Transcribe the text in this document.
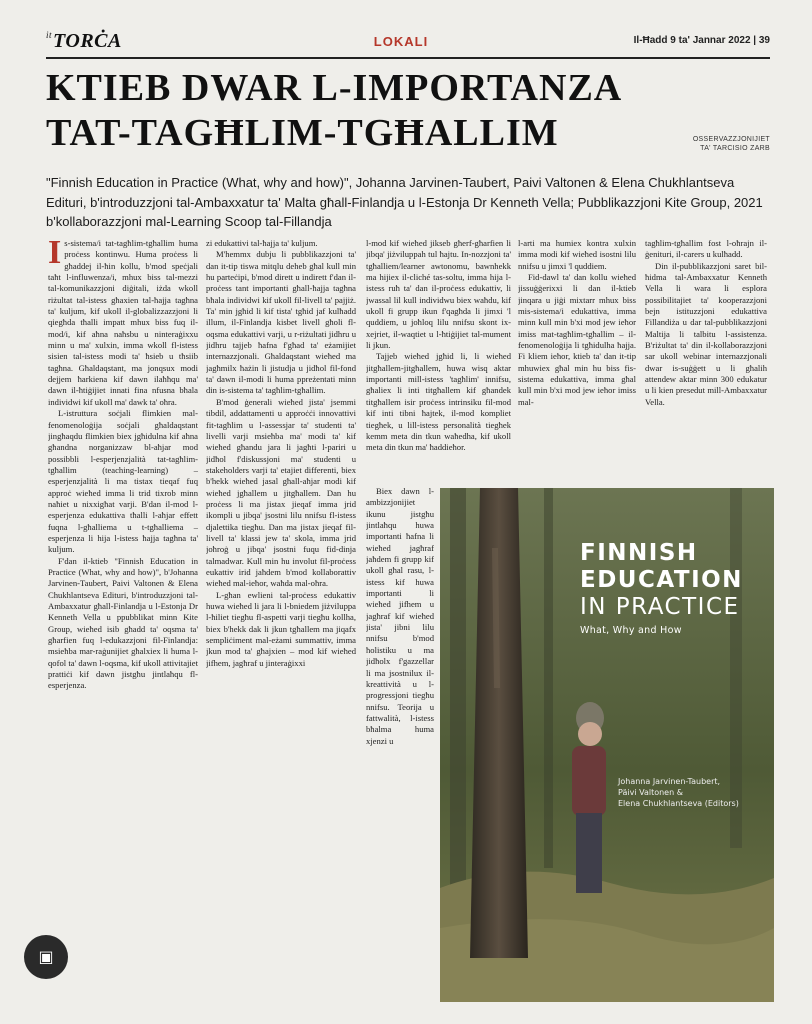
$^{it}$TORĊA	LOKALI	Il-Ħadd 9 ta' Jannar 2022 | 39
KTIEB DWAR L-IMPORTANZA
TAT-TAGĦLIM-TGĦALLIM	OSSERVAZZJONIJIET
TA' TARCISIO ZARB
"Finnish Education in Practice (What, why and how)", Johanna Jarvinen-Taubert, Paivi Valtonen & Elena Chukhlantseva Edituri, b'introduzzjoni tal-Ambaxxatur ta' Malta għall-Finlandja u l-Estonja Dr Kenneth Vella; Pubblikazzjoni Kite Group, 2021 b'kollaborazzjoni mal-Learning Scoop tal-Fillandja

Is-sistema/i tat-tagħlim-tgħallim huma proċess kontinwu. Huma proċess li għaddej il-ħin kollu, b'mod speċjali taħt l-influwenza/i, mhux biss tal-mezzi tal-komunikazzjoni diġitali, iżda wkoll riżultat tal-istess għaxien tal-ħajja tagħna ta' kuljum, kif ukoll il-globalizzazzjoni li qiegħda tħalli impatt mhux biss fuq il-mod/i, kif aħna naħsbu u ninteraġixxu minn u ma' xulxin, imma wkoll fl-istess sisien tal-istess modi ta' ħsieb u tħsiib tagħna. Għaldaqstant, ma jonqsux modi dejjem ħarkiena kif dawn ilaħħqu ma' dawn il-ħtiġijiet innati fina nfusna bħala individwi kif ukoll ma' dawk ta' oħra.

L-istruttura soċjali flimkien mal-fenomenoloġija soċjali għaldaqstant jingħaqdu flimkien biex jgħidulna kif aħna għandna norganizzaw bl-aħjar mod possibbli l-esperjenzjalità tat-tagħlim-tgħallim (teaching-learning) – esperjenzjalità li ma tistax tieqaf fuq approċ wieħed imma li trid tixrob minn naħiet u nixxigħat varji. B'dan il-mod l-esperjenza edukattiva tħalli l-aħjar effett fuqna l-għalliema u t-tgħalliema – esperjenza li hija l-istess ħajja tagħna ta' kuljum.

F'dan il-ktieb "Finnish Education in Practice (What, why and how)", b'Johanna Jarvinen-Taubert, Paivi Valtonen & Elena Chukhlantseva Edituri, b'introduzzjoni tal-Ambaxxatur għall-Finlandja u l-Estonja Dr Kenneth Vella u ppubblikat minn Kite Group, wieħed isib għadd ta' oqsma ta' għarfien fuq l-edukazzjoni fil-Finlandja: msieħba mar-raġunijiet għalxiex li huma l-qofol ta' dawn l-oqsma, kif ukoll attivitajiet prattiċi kif dawn jistgħu jintlaħqu fl-esperjenza.

zi edukattivi tal-ħajja ta' kuljum.

M'hemmx dubju li pubblikazzjoni ta' dan it-tip tiswa mitqlu deheb għal kull min hu parteċipi, b'mod dirett u indirett f'dan il-proċess tant importanti għall-ħajja tagħna bħala individwi kif ukoll fil-livell ta' pajjiż. Ta' min jgħid li kif tista' tgħid jaf kulħadd illum, il-Finlandja kisbet livell għoli fl-oqsma edukattivi varji, u r-riżultati jidhru u jidhru tajjeb ħafna f'għad ta' eżamijiet internazzjonali. Għaldaqstant wieħed ma jagħmilx ħażin li jistudja u jidħol fil-fond ta' dawn il-modi li huma ppreżentati minn din is-sistema ta' tagħlim-tgħallim.

B'mod ġenerali wieħed jista' jsemmi tibdil, addattamenti u approċċi innovattivi fit-tagħlim u l-assessjar ta' studenti ta' livelli varji msieħba ma' modi ta' kif wieħed għandu jara li jagħti l-pariri u jidħol f'diskussjoni ma' studenti u stakeholders varji ta' etajiet differenti, biex b'hekk wieħed jasal għall-aħjar modi kif wieħed jgħallem u jitgħallem. Dan hu proċess li ma jistax jieqaf imma jrid ikompli u jibqa' jsostni lilu nnifsu fl-istess djalettika tiegħu. Dan ma jistax jieqaf fil-livell ta' klassi jew ta' skola, imma jrid joħroġ u jibqa' jsostni fuqu fid-dinja talmadwar. Kull min hu involut fil-proċess eukattiv irid jaħdem b'mod kollaborattiv wieħed mal-ieħor, waħda mal-oħra.

L-għan ewlieni tal-proċess edukattiv huwa wieħed li jara li l-bniedem jiżviluppa l-ħiliet tiegħu fl-aspetti varji tiegħu kollha, biex b'hekk dak li jkun tgħallem ma jiqafx sempliċiment mal-eżami summattiv, imma jkun mod ta' għajxien – mod kif wieħed jifhem, jagħraf u jinteraġixxi

l-mod kif wieħed jikseb għerf-għarfien li jibqa' jiżviluppah tul ħajtu. In-nozzjoni ta' tgħalliem/learner awtonomu, bawnhekk ma hijiex il-cliché tas-soltu, imma hija l-istess ruħ ta' dan il-proċess edukattiv, li jwassal lil kull individwu biex waħdu, kif ukoll fi grupp ikun f'qagħda li jimxi 'l quddiem, u joħloq lilu nnifsu skont ix-xejriet, il-waqtiet u l-ħtiġijiet tal-mument li jkun.

Tajjeb wieħed jgħid li, li wieħed jitgħallem-jitgħallem, huwa wisq aktar importanti mill-istess 'tagħlim' innifsu, għaliex li inti titgħallem kif għandek titgħallem isir proċess intrinsiku fil-mod kif inti tibni ħajtek, il-mod kompliet tiegħek, u lill-istess personalità tiegħek kemm meta din tkun waħedha, kif ukoll meta din tkun ma' ħaddieħor.

Biex dawn l-ambizzjonijiet ikunu jistgħu jintlaħqu huwa importanti ħafna li wieħed jagħraf jaħdem fi grupp kif ukoll għal rasu, l-istess kif huwa importanti li wieħed jifhem u jagħraf kif wieħed jista' jibni lilu nnifsu b'mod ħolistiku u ma jidħolx f'gazzellar li ma jsostnilux il-kreattività u l-progressjoni tiegħu nnifsu. Teorija u fattwalità, l-istess bħalma huma xjenzi u

l-arti ma humiex kontra xulxin imma modi kif wieħed isostni lilu nnifsu u jimxi 'l quddiem.

Fid-dawl ta' dan kollu wieħed jissuġġerixxi li dan il-ktieb jinqara u jiġi mixtarr mhux biss mis-sistema/i edukattiva, imma minn kull min b'xi mod jew ieħor imiss mat-tagħlim-tgħallim – il-fenomenoloġija li tgħidulha ħajja. Fi kliem ieħor, ktieb ta' dan it-tip mhuwiex għal min hu biss fis-sistema edukattiva, imma għal kull min b'xi mod jew ieħor imiss mal-

tagħlim-tgħallim fost l-oħrajn il-ġenituri, il-carers u kulħadd.

Din il-pubblikazzjoni saret bil-ħidma tal-Ambaxxatur Kenneth Vella li wara li esplora possibilitajiet ta' kooperazzjoni bejn istituzzjoni edukattiva Fillandiża u dar tal-pubblikazzjoni Maltija li talbitu l-assistenza. B'riżultat ta' din il-kollaborazzjoni sar ukoll webinar internazzjonali dwar is-suġġett u li għalih attendew aktar minn 300 edukatur u li kien presedut mill-Ambaxxatur Vella.

FINNISH
EDUCATION
IN PRACTICE
What, Why and How
Johanna Jarvinen-Taubert,
Päivi Valtonen &
Elena Chukhlantseva (Editors)
▣
